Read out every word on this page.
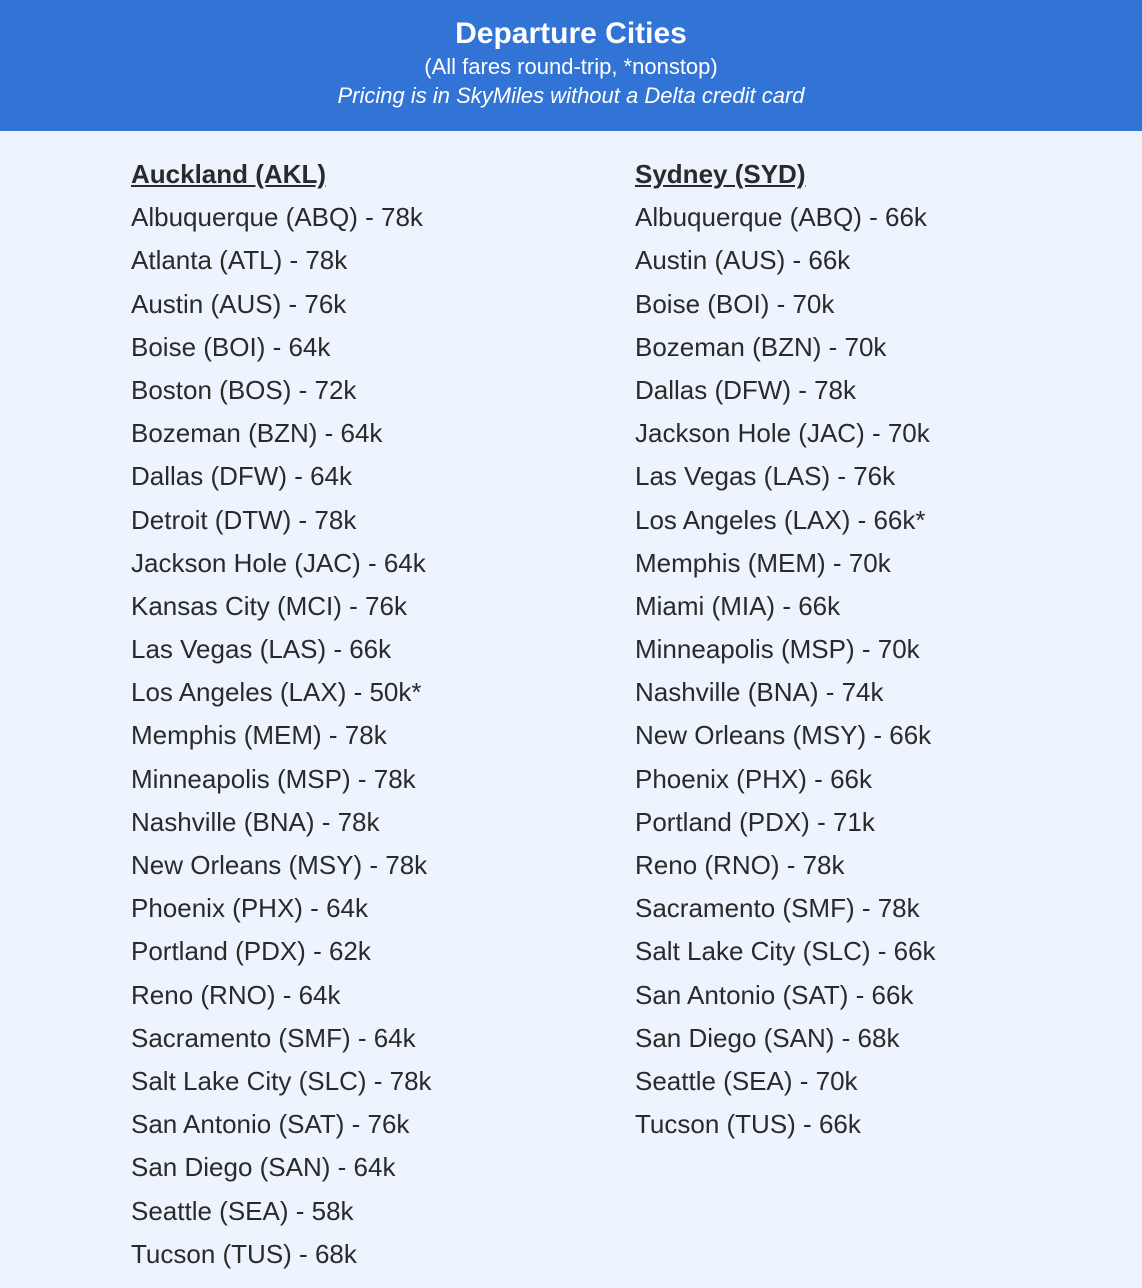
Departure Cities
(All fares round-trip, *nonstop)
Pricing is in SkyMiles without a Delta credit card
Auckland (AKL)
Albuquerque (ABQ) - 78k
Atlanta (ATL) - 78k
Austin (AUS) - 76k
Boise (BOI) - 64k
Boston (BOS) - 72k
Bozeman (BZN) - 64k
Dallas (DFW) - 64k
Detroit (DTW) - 78k
Jackson Hole (JAC) - 64k
Kansas City (MCI) - 76k
Las Vegas (LAS) - 66k
Los Angeles (LAX) - 50k*
Memphis (MEM) - 78k
Minneapolis (MSP) - 78k
Nashville (BNA) - 78k
New Orleans (MSY) - 78k
Phoenix (PHX) - 64k
Portland (PDX) - 62k
Reno (RNO) - 64k
Sacramento (SMF) - 64k
Salt Lake City (SLC) - 78k
San Antonio (SAT) - 76k
San Diego (SAN) - 64k
Seattle (SEA) - 58k
Tucson (TUS) - 68k
Sydney (SYD)
Albuquerque (ABQ) - 66k
Austin (AUS) - 66k
Boise (BOI) - 70k
Bozeman (BZN) - 70k
Dallas (DFW) - 78k
Jackson Hole (JAC) - 70k
Las Vegas (LAS) - 76k
Los Angeles (LAX) - 66k*
Memphis (MEM) - 70k
Miami (MIA) - 66k
Minneapolis (MSP) - 70k
Nashville (BNA) - 74k
New Orleans (MSY) - 66k
Phoenix (PHX) - 66k
Portland (PDX) - 71k
Reno (RNO) - 78k
Sacramento (SMF) - 78k
Salt Lake City (SLC) - 66k
San Antonio (SAT) - 66k
San Diego (SAN) - 68k
Seattle (SEA) - 70k
Tucson (TUS) - 66k
